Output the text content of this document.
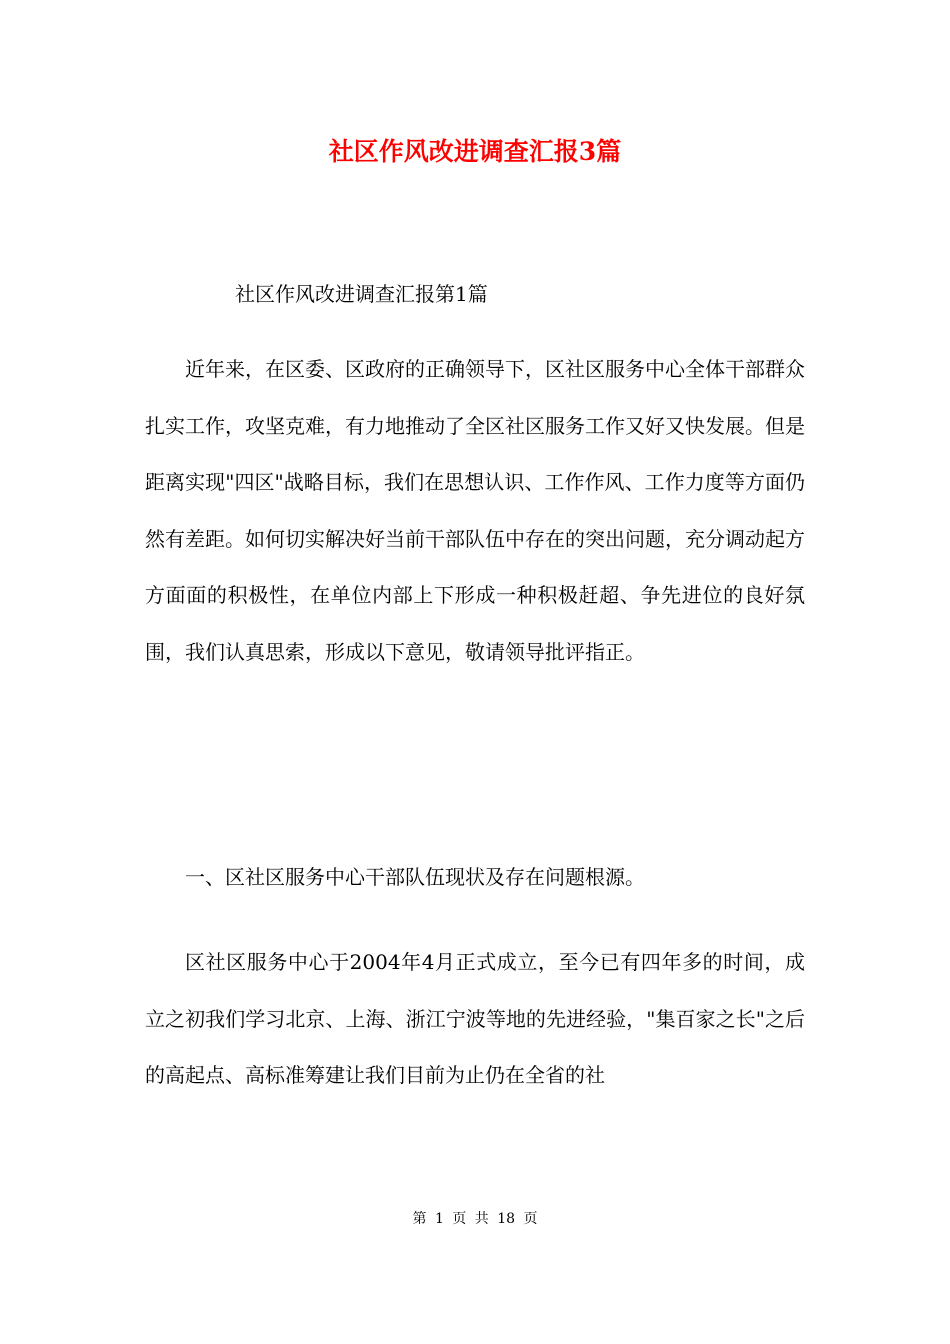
社区作风改进调查汇报3篇

社区作风改进调查汇报第1篇

近年来，在区委、区政府的正确领导下，区社区服务中心全体干部群众扎实工作，攻坚克难，有力地推动了全区社区服务工作又好又快发展。但是距离实现"四区"战略目标，我们在思想认识、工作作风、工作力度等方面仍然有差距。如何切实解决好当前干部队伍中存在的突出问题，充分调动起方方面面的积极性，在单位内部上下形成一种积极赶超、争先进位的良好氛围，我们认真思索，形成以下意见，敬请领导批评指正。

一、区社区服务中心干部队伍现状及存在问题根源。

区社区服务中心于2004年4月正式成立，至今已有四年多的时间，成立之初我们学习北京、上海、浙江宁波等地的先进经验，"集百家之长"之后的高起点、高标准筹建让我们目前为止仍在全省的社

第 1 页 共 18 页
